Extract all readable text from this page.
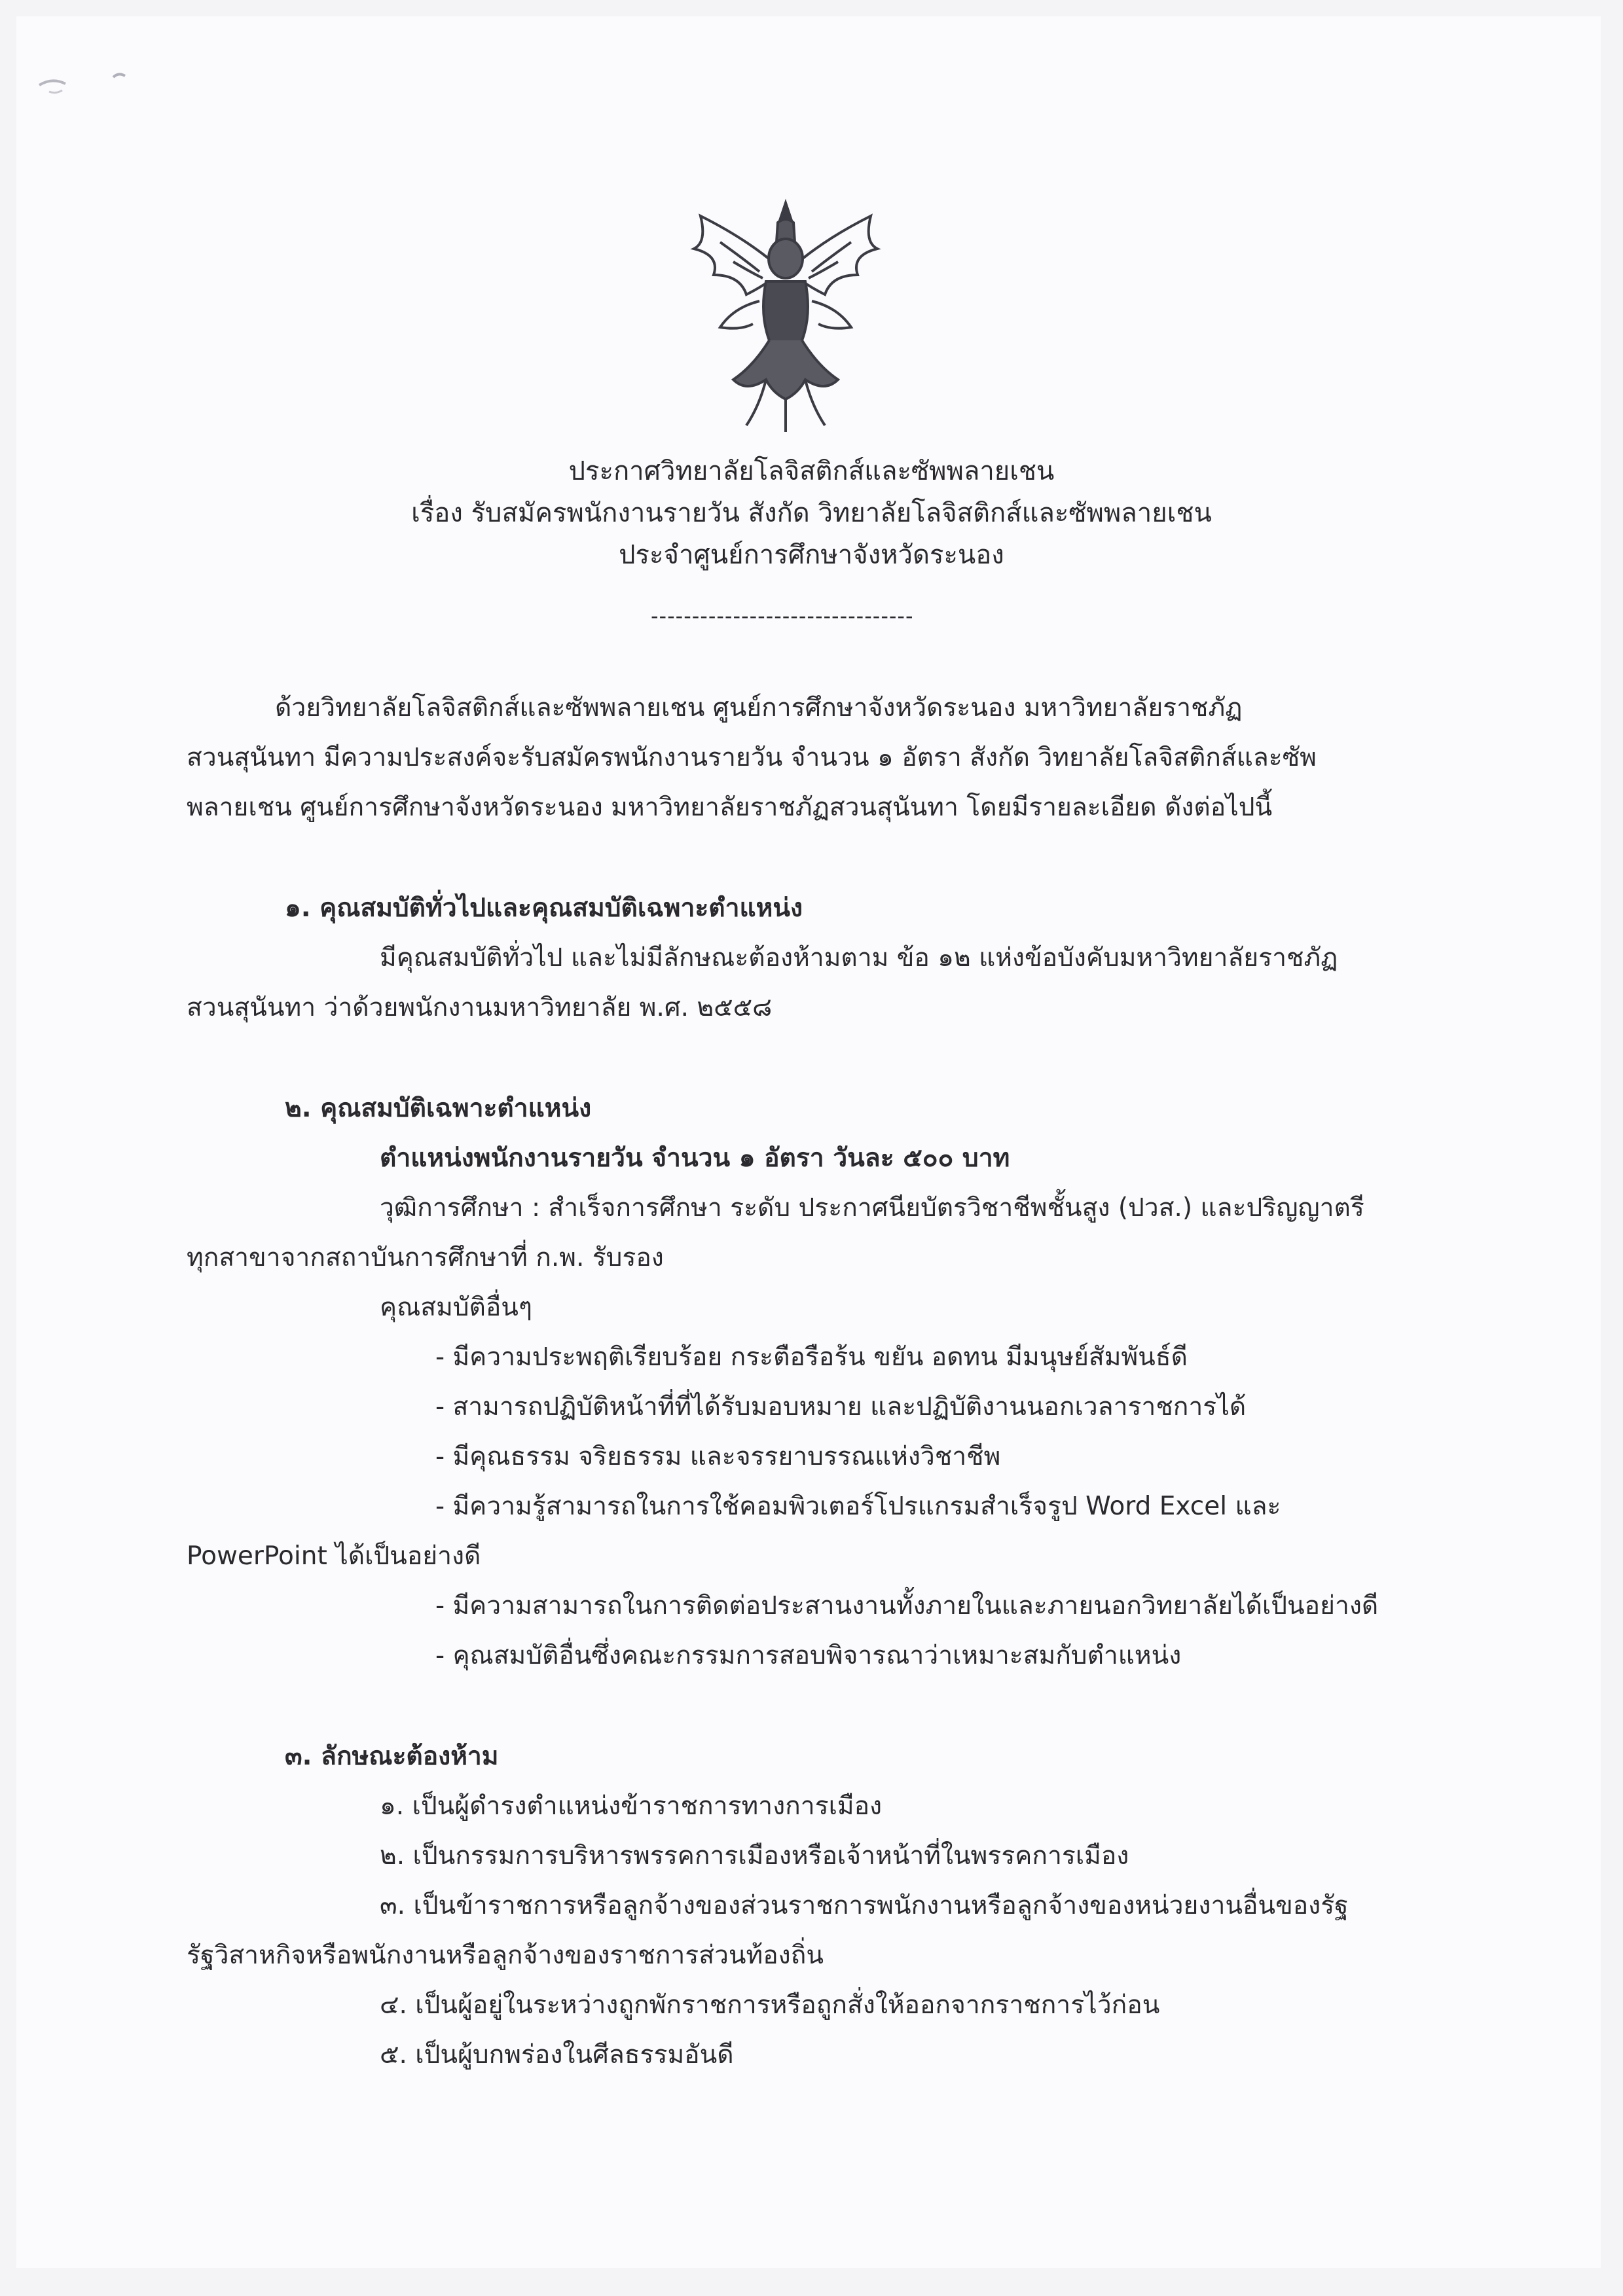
ประกาศวิทยาลัยโลจิสติกส์และซัพพลายเชน
เรื่อง รับสมัครพนักงานรายวัน สังกัด วิทยาลัยโลจิสติกส์และซัพพลายเชน
ประจำศูนย์การศึกษาจังหวัดระนอง
--------------------------------
ด้วยวิทยาลัยโลจิสติกส์และซัพพลายเชน ศูนย์การศึกษาจังหวัดระนอง มหาวิทยาลัยราชภัฏ
สวนสุนันทา มีความประสงค์จะรับสมัครพนักงานรายวัน จำนวน ๑ อัตรา สังกัด วิทยาลัยโลจิสติกส์และซัพ
พลายเชน ศูนย์การศึกษาจังหวัดระนอง มหาวิทยาลัยราชภัฏสวนสุนันทา โดยมีรายละเอียด ดังต่อไปนี้
๑. คุณสมบัติทั่วไปและคุณสมบัติเฉพาะตำแหน่ง
มีคุณสมบัติทั่วไป และไม่มีลักษณะต้องห้ามตาม ข้อ ๑๒ แห่งข้อบังคับมหาวิทยาลัยราชภัฏ
สวนสุนันทา ว่าด้วยพนักงานมหาวิทยาลัย พ.ศ. ๒๕๕๘
๒. คุณสมบัติเฉพาะตำแหน่ง
ตำแหน่งพนักงานรายวัน จำนวน ๑ อัตรา วันละ ๕๐๐ บาท
วุฒิการศึกษา : สำเร็จการศึกษา ระดับ ประกาศนียบัตรวิชาชีพชั้นสูง (ปวส.) และปริญญาตรี
ทุกสาขาจากสถาบันการศึกษาที่ ก.พ. รับรอง
คุณสมบัติอื่นๆ
- มีความประพฤติเรียบร้อย กระตือรือร้น ขยัน อดทน มีมนุษย์สัมพันธ์ดี
- สามารถปฏิบัติหน้าที่ที่ได้รับมอบหมาย และปฏิบัติงานนอกเวลาราชการได้
- มีคุณธรรม จริยธรรม และจรรยาบรรณแห่งวิชาชีพ
- มีความรู้สามารถในการใช้คอมพิวเตอร์โปรแกรมสำเร็จรูป Word Excel และ
PowerPoint ได้เป็นอย่างดี
- มีความสามารถในการติดต่อประสานงานทั้งภายในและภายนอกวิทยาลัยได้เป็นอย่างดี
- คุณสมบัติอื่นซึ่งคณะกรรมการสอบพิจารณาว่าเหมาะสมกับตำแหน่ง
๓. ลักษณะต้องห้าม
๑. เป็นผู้ดำรงตำแหน่งข้าราชการทางการเมือง
๒. เป็นกรรมการบริหารพรรคการเมืองหรือเจ้าหน้าที่ในพรรคการเมือง
๓. เป็นข้าราชการหรือลูกจ้างของส่วนราชการพนักงานหรือลูกจ้างของหน่วยงานอื่นของรัฐ
รัฐวิสาหกิจหรือพนักงานหรือลูกจ้างของราชการส่วนท้องถิ่น
๔. เป็นผู้อยู่ในระหว่างถูกพักราชการหรือถูกสั่งให้ออกจากราชการไว้ก่อน
๕. เป็นผู้บกพร่องในศีลธรรมอันดี
